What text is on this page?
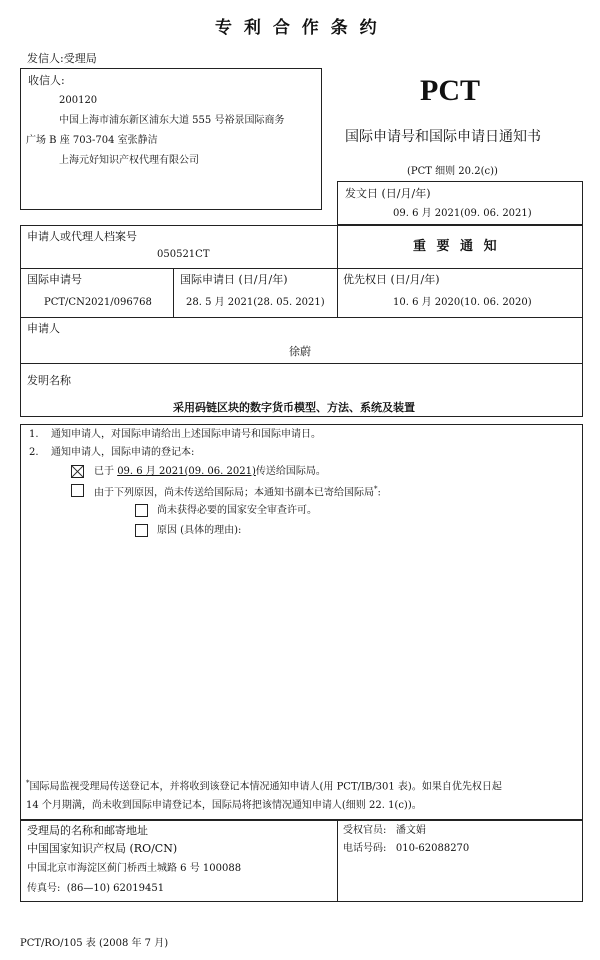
专 利 合 作 条 约
发信人:受理局
收信人:
200120
中国上海市浦东新区浦东大道 555 号裕景国际商务
广场 B 座 703-704 室张静洁
上海元好知识产权代理有限公司
PCT
国际申请号和国际申请日通知书
(PCT 细则 20.2(c))
发文日 (日/月/年)
09. 6 月 2021(09. 06. 2021)
申请人或代理人档案号
050521CT
重 要 通 知
国际申请号
PCT/CN2021/096768
国际申请日 (日/月/年)
28. 5 月 2021(28. 05. 2021)
优先权日 (日/月/年)
10. 6 月 2020(10. 06. 2020)
申请人
徐蔚
发明名称
采用码链区块的数字货币模型、方法、系统及装置
1. 通知申请人，对国际申请给出上述国际申请号和国际申请日。
2. 通知申请人，国际申请的登记本:
已于 09. 6 月 2021(09. 06. 2021)传送给国际局。
由于下列原因，尚未传送给国际局；本通知书副本已寄给国际局*:
尚未获得必要的国家安全审查许可。
原因 (具体的理由):
*国际局监视受理局传送登记本，并将收到该登记本情况通知申请人(用 PCT/IB/301 表)。如果自优先权日起
14 个月期满，尚未收到国际申请登记本，国际局将把该情况通知申请人(细则 22. 1(c))。
受理局的名称和邮寄地址
中国国家知识产权局 (RO/CN)
中国北京市海淀区蓟门桥西土城路 6 号 100088
传真号: (86—10) 62019451
受权官员: 潘文娟
电话号码: 010-62088270
PCT/RO/105 表 (2008 年 7 月)
